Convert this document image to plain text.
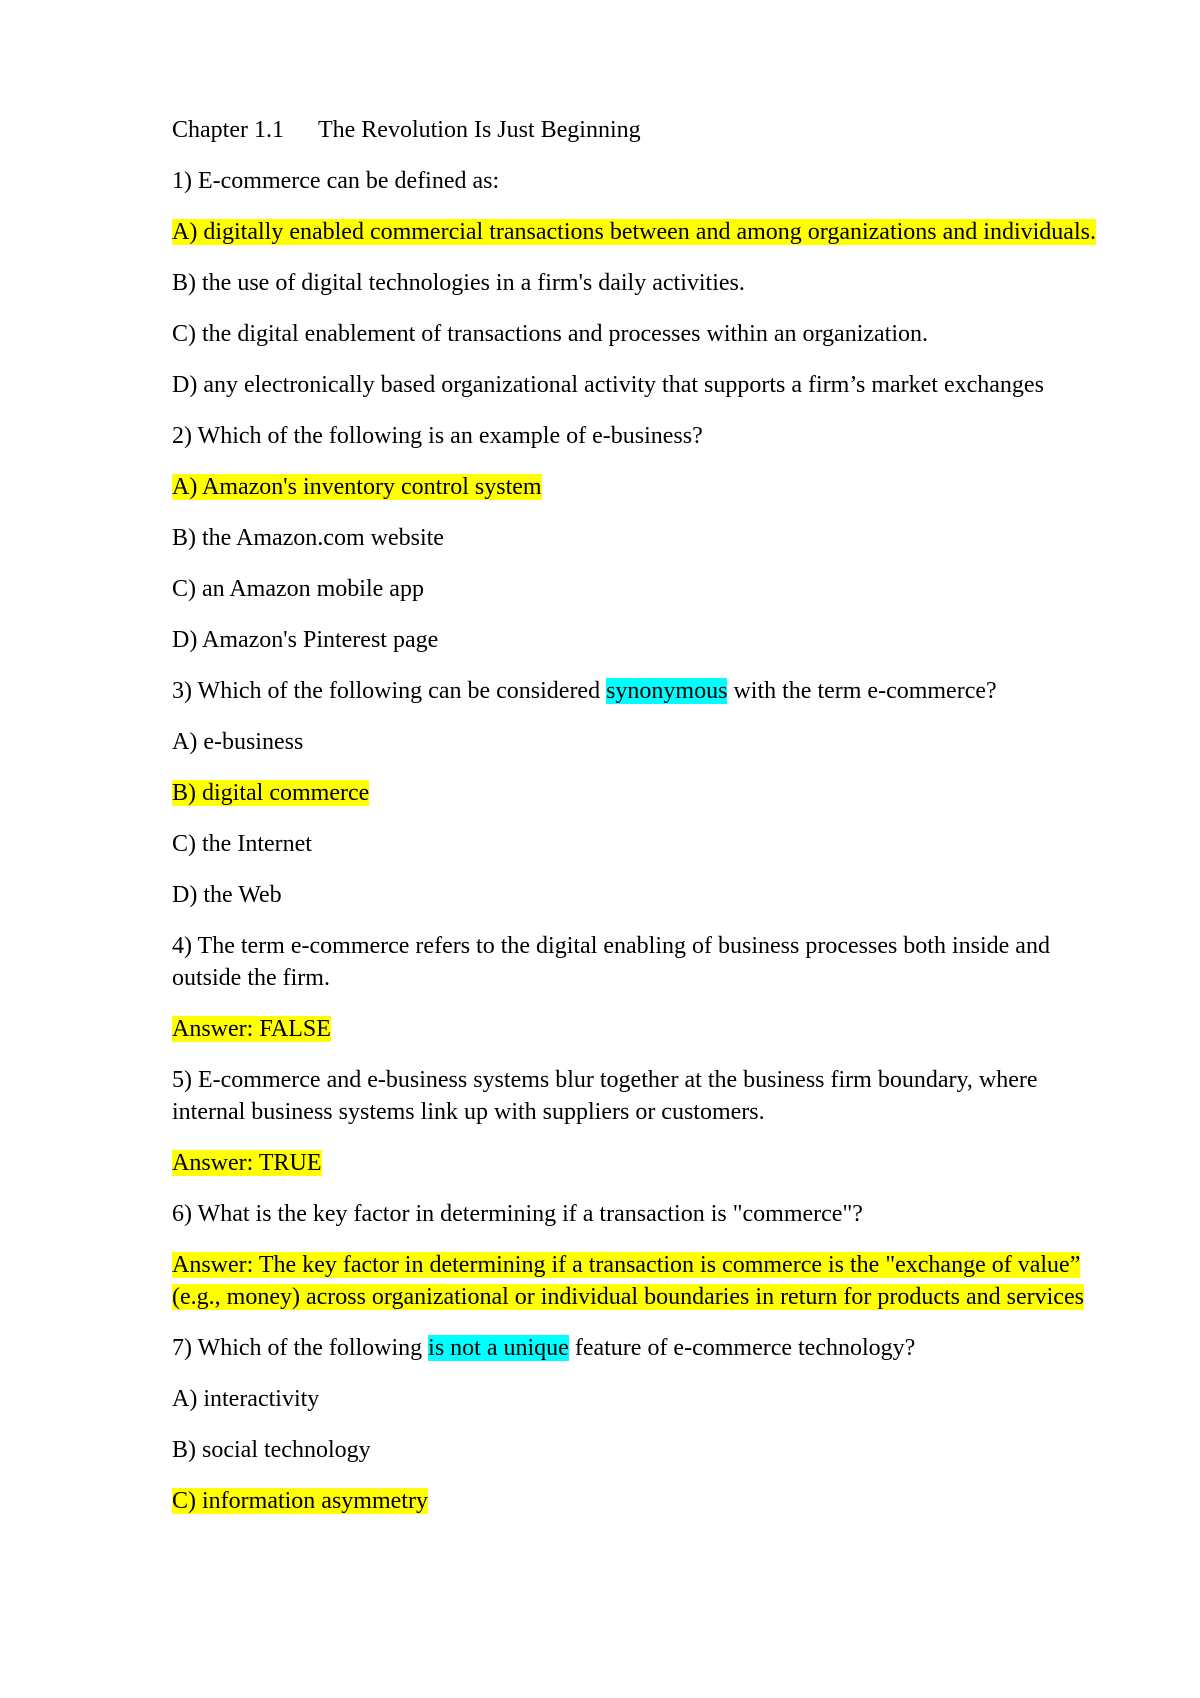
Chapter 1.1 The Revolution Is Just Beginning

1) E-commerce can be defined as:

A) digitally enabled commercial transactions between and among organizations and individuals.

B) the use of digital technologies in a firm's daily activities.

C) the digital enablement of transactions and processes within an organization.

D) any electronically based organizational activity that supports a firm’s market exchanges

2) Which of the following is an example of e-business?

A) Amazon's inventory control system

B) the Amazon.com website

C) an Amazon mobile app

D) Amazon's Pinterest page

3) Which of the following can be considered synonymous with the term e-commerce?

A) e-business

B) digital commerce

C) the Internet

D) the Web

4) The term e-commerce refers to the digital enabling of business processes both inside and outside the firm.

Answer: FALSE

5) E-commerce and e-business systems blur together at the business firm boundary, where internal business systems link up with suppliers or customers.

Answer: TRUE

6) What is the key factor in determining if a transaction is "commerce"?

Answer: The key factor in determining if a transaction is commerce is the "exchange of value” (e.g., money) across organizational or individual boundaries in return for products and services

7) Which of the following is not a unique feature of e-commerce technology?

A) interactivity

B) social technology

C) information asymmetry
